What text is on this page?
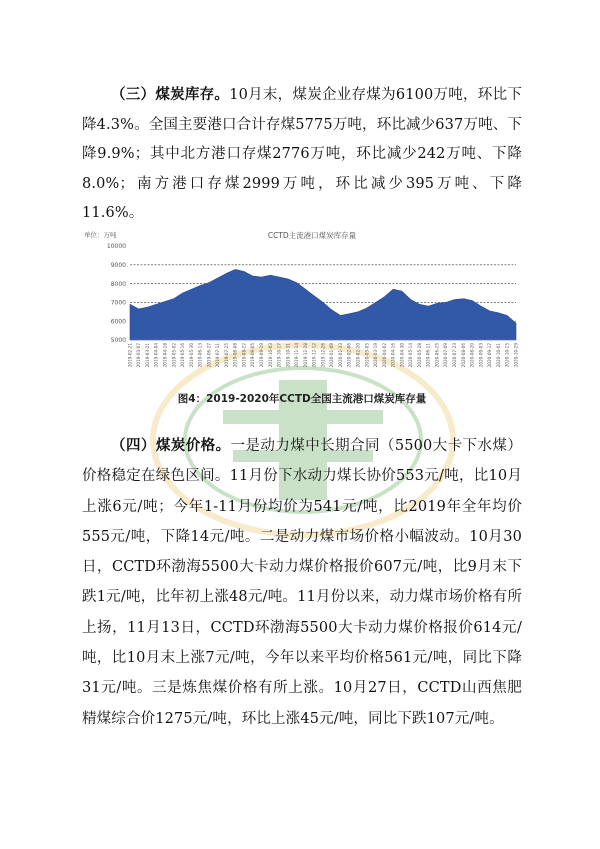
（三）煤炭库存。10月末，煤炭企业存煤为6100万吨，环比下降4.3%。全国主要港口合计存煤5775万吨，环比减少637万吨、下降9.9%；其中北方港口存煤2776万吨，环比减少242万吨、下降8.0%；南方港口存煤2999万吨，环比减少395万吨、下降11.6%。

单位：万吨	CCTD主流港口煤炭库存量
5000
6000
7000
8000
9000
10000
2019-02-21 2019-03-07 2019-03-21 2019-04-04 2019-04-18 2019-05-02 2019-05-16 2019-05-30 2019-06-13 2019-06-27 2019-07-11 2019-07-25 2019-08-08 2019-08-22 2019-09-05 2019-09-19 2019-10-03 2019-10-17 2019-10-31 2019-11-14 2019-11-28 2019-12-12 2019-12-26 2020-01-09 2020-01-23 2020-02-06 2020-02-20 2020-03-05 2020-03-19 2020-04-02 2020-04-16 2020-04-30 2020-05-14 2020-05-28 2020-06-11 2020-06-25 2020-07-09 2020-07-23 2020-08-06 2020-08-20 2020-09-03 2020-09-17 2020-10-01 2020-10-15 2020-10-29
图4：2019-2020年CCTD全国主流港口煤炭库存量

（四）煤炭价格。一是动力煤中长期合同（5500大卡下水煤）价格稳定在绿色区间。11月份下水动力煤长协价553元/吨，比10月上涨6元/吨；今年1-11月份均价为541元/吨，比2019年全年均价555元/吨，下降14元/吨。二是动力煤市场价格小幅波动。10月30日，CCTD环渤海5500大卡动力煤价格报价607元/吨，比9月末下跌1元/吨，比年初上涨48元/吨。11月份以来，动力煤市场价格有所上扬，11月13日，CCTD环渤海5500大卡动力煤价格报价614元/吨，比10月末上涨7元/吨，今年以来平均价格561元/吨，同比下降31元/吨。三是炼焦煤价格有所上涨。10月27日，CCTD山西焦肥精煤综合价1275元/吨，环比上涨45元/吨，同比下跌107元/吨。
